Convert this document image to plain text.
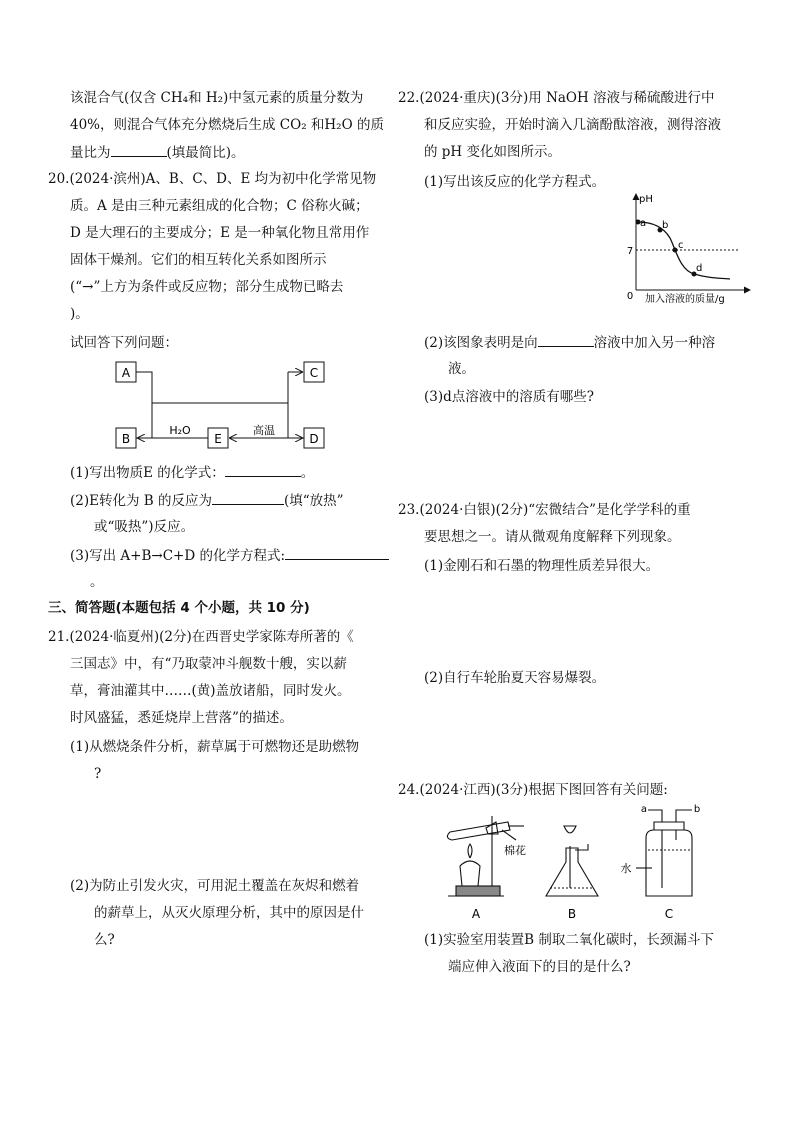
该混合气(仅含 CH₄和 H₂)中氢元素的质量分数为
40%，则混合气体充分燃烧后生成 CO₂ 和H₂O 的质
量比为	(填最简比)。
20.(2024·滨州)A、B、C、D、E 均为初中化学常见物
质。A 是由三种元素组成的化合物；C 俗称火碱；
D 是大理石的主要成分；E 是一种氧化物且常用作
固体干燥剂。它们的相互转化关系如图所示
(“→”上方为条件或反应物；部分生成物已略去
)。
试回答下列问题：
A
B
C
D
E
H₂O	高温
(1)写出物质E 的化学式：	。
(2)E转化为 B 的反应为	(填“放热”
或“吸热”)反应。
(3)写出 A+B→C+D 的化学方程式:
。
三、简答题(本题包括 4 个小题，共 10 分)
21.(2024·临夏州)(2分)在西晋史学家陈寿所著的《
三国志》中，有“乃取蒙冲斗舰数十艘，实以薪
草，膏油灌其中……(黄)盖放诸船，同时发火。
时风盛猛，悉延烧岸上营落”的描述。
(1)从燃烧条件分析，薪草属于可燃物还是助燃物
?
(2)为防止引发火灾，可用泥土覆盖在灰烬和燃着
的薪草上，从灭火原理分析，其中的原因是什
么?
22.(2024·重庆)(3分)用 NaOH 溶液与稀硫酸进行中
和反应实验，开始时滴入几滴酚酞溶液，测得溶液
的 pH 变化如图所示。
(1)写出该反应的化学方程式。
pH
0
7
a b
c
d
加入溶液的质量/g
(2)该图象表明是向	溶液中加入另一种溶
液。
(3)d点溶液中的溶质有哪些?
23.(2024·白银)(2分)“宏微结合”是化学学科的重
要思想之一。请从微观角度解释下列现象。
(1)金刚石和石墨的物理性质差异很大。
(2)自行车轮胎夏天容易爆裂。
24.(2024·江西)(3分)根据下图回答有关问题:
棉花
水
a	b
A	B	C
(1)实验室用装置B 制取二氧化碳时，长颈漏斗下
端应伸入液面下的目的是什么?
